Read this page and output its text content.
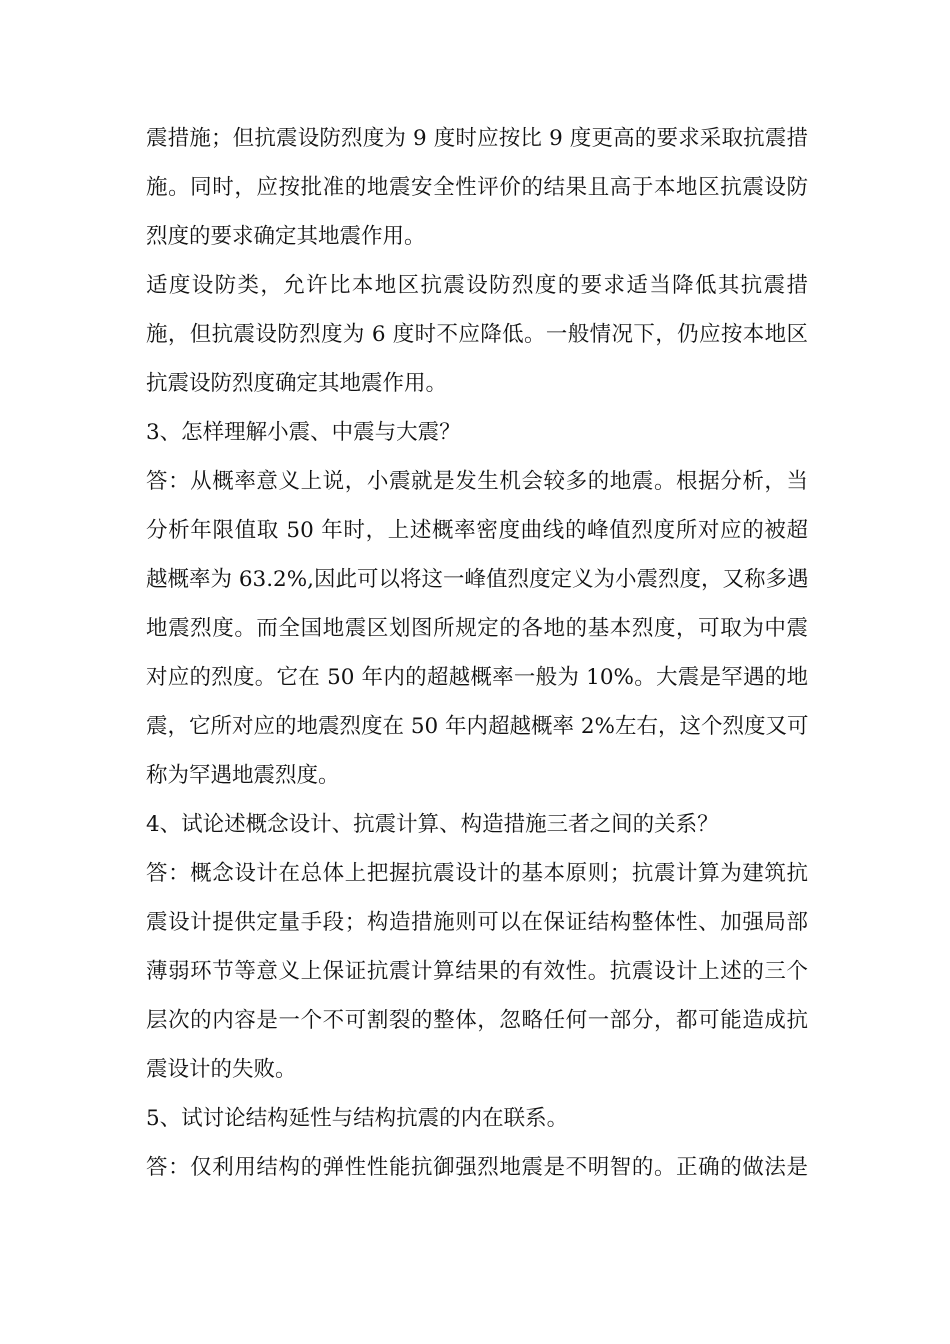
震措施；但抗震设防烈度为 9 度时应按比 9 度更高的要求采取抗震措
施。同时，应按批准的地震安全性评价的结果且高于本地区抗震设防
烈度的要求确定其地震作用。
适度设防类，允许比本地区抗震设防烈度的要求适当降低其抗震措
施，但抗震设防烈度为 6 度时不应降低。一般情况下，仍应按本地区
抗震设防烈度确定其地震作用。
3、怎样理解小震、中震与大震？
答：从概率意义上说，小震就是发生机会较多的地震。根据分析，当
分析年限值取 50 年时，上述概率密度曲线的峰值烈度所对应的被超
越概率为 63.2%,因此可以将这一峰值烈度定义为小震烈度，又称多遇
地震烈度。而全国地震区划图所规定的各地的基本烈度，可取为中震
对应的烈度。它在 50 年内的超越概率一般为 10%。大震是罕遇的地
震，它所对应的地震烈度在 50 年内超越概率 2%左右，这个烈度又可
称为罕遇地震烈度。
4、试论述概念设计、抗震计算、构造措施三者之间的关系？
答：概念设计在总体上把握抗震设计的基本原则；抗震计算为建筑抗
震设计提供定量手段；构造措施则可以在保证结构整体性、加强局部
薄弱环节等意义上保证抗震计算结果的有效性。抗震设计上述的三个
层次的内容是一个不可割裂的整体，忽略任何一部分，都可能造成抗
震设计的失败。
5、试讨论结构延性与结构抗震的内在联系。
答：仅利用结构的弹性性能抗御强烈地震是不明智的。正确的做法是
